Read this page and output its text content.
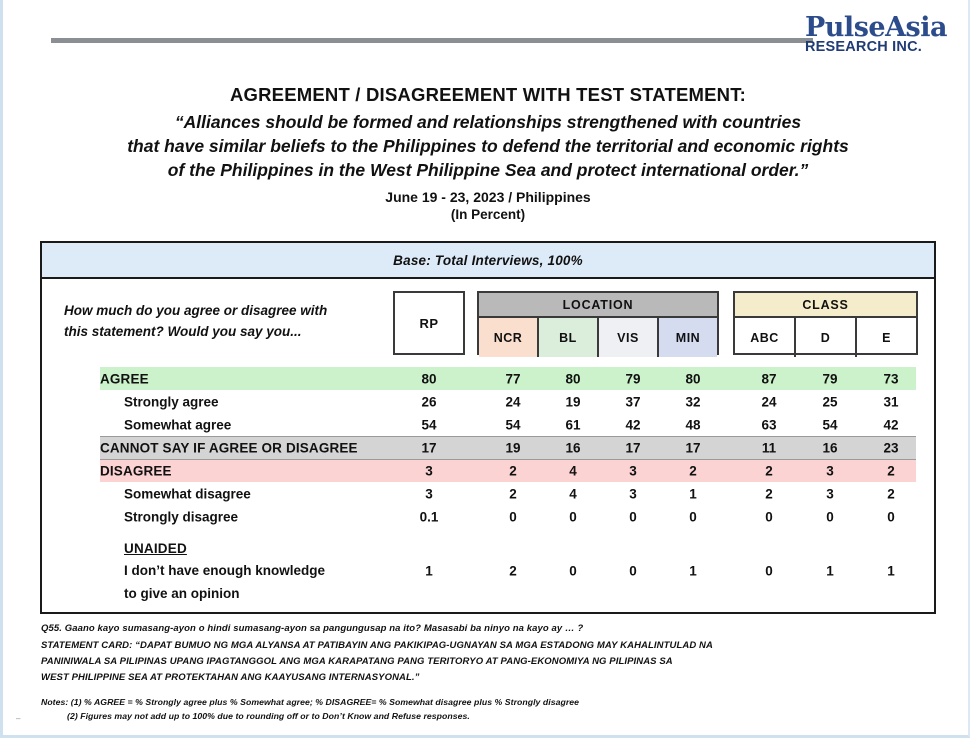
PulseAsia
RESEARCH INC.
AGREEMENT / DISAGREEMENT WITH TEST STATEMENT:
“Alliances should be formed and relationships strengthened with countries
that have similar beliefs to the Philippines to defend the territorial and economic rights
of the Philippines in the West Philippine Sea and protect international order.”
June 19 - 23, 2023 / Philippines
(In Percent)
Base: Total Interviews, 100%
How much do you agree or disagree with
this statement? Would you say you...
RP
LOCATION
NCR	BL	VIS	MIN
CLASS
ABC	D	E
AGREE	80	77	80	79	80	87	79	73
Strongly agree	26	24	19	37	32	24	25	31
Somewhat agree	54	54	61	42	48	63	54	42
CANNOT SAY IF AGREE OR DISAGREE	17	19	16	17	17	11	16	23
DISAGREE	3	2	4	3	2	2	3	2
Somewhat disagree	3	2	4	3	1	2	3	2
Strongly disagree	0.1	0	0	0	0	0	0	0
UNAIDED
I don’t have enough knowledge
to give an opinion
1	2	0	0	1	0	1	1
Q55. Gaano kayo sumasang-ayon o hindi sumasang-ayon sa pangungusap na ito? Masasabi ba ninyo na kayo ay … ?
STATEMENT CARD: “DAPAT BUMUO NG MGA ALYANSA AT PATIBAYIN ANG PAKIKIPAG-UGNAYAN SA MGA ESTADONG MAY KAHALINTULAD NA
PANINIWALA SA PILIPINAS UPANG IPAGTANGGOL ANG MGA KARAPATANG PANG TERITORYO AT PANG-EKONOMIYA NG PILIPINAS SA
WEST PHILIPPINE SEA AT PROTEKTAHAN ANG KAAYUSANG INTERNASYONAL.”
Notes: (1) % AGREE = % Strongly agree plus % Somewhat agree; % DISAGREE= % Somewhat disagree plus % Strongly disagree
(2) Figures may not add up to 100% due to rounding off or to Don’t Know and Refuse responses.
–
